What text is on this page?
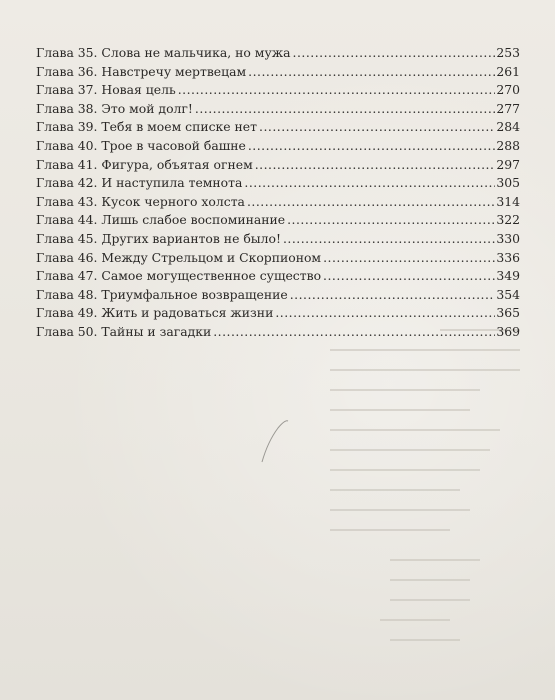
Глава 35. Слова не мальчика, но мужа .....	253
Глава 36. Навстречу мертвецам .....	261
Глава 37. Новая цель .....	270
Глава 38. Это мой долг! .....	277
Глава 39. Тебя в моем списке нет .....	284
Глава 40. Трое в часовой башне .....	288
Глава 41. Фигура, объятая огнем .....	297
Глава 42. И наступила темнота .....	305
Глава 43. Кусок черного холста .....	314
Глава 44. Лишь слабое воспоминание .....	322
Глава 45. Других вариантов не было! .....	330
Глава 46. Между Стрельцом и Скорпионом .....	336
Глава 47. Самое могущественное существо .....	349
Глава 48. Триумфальное возвращение .....	354
Глава 49. Жить и радоваться жизни .....	365
Глава 50. Тайны и загадки .....	369
